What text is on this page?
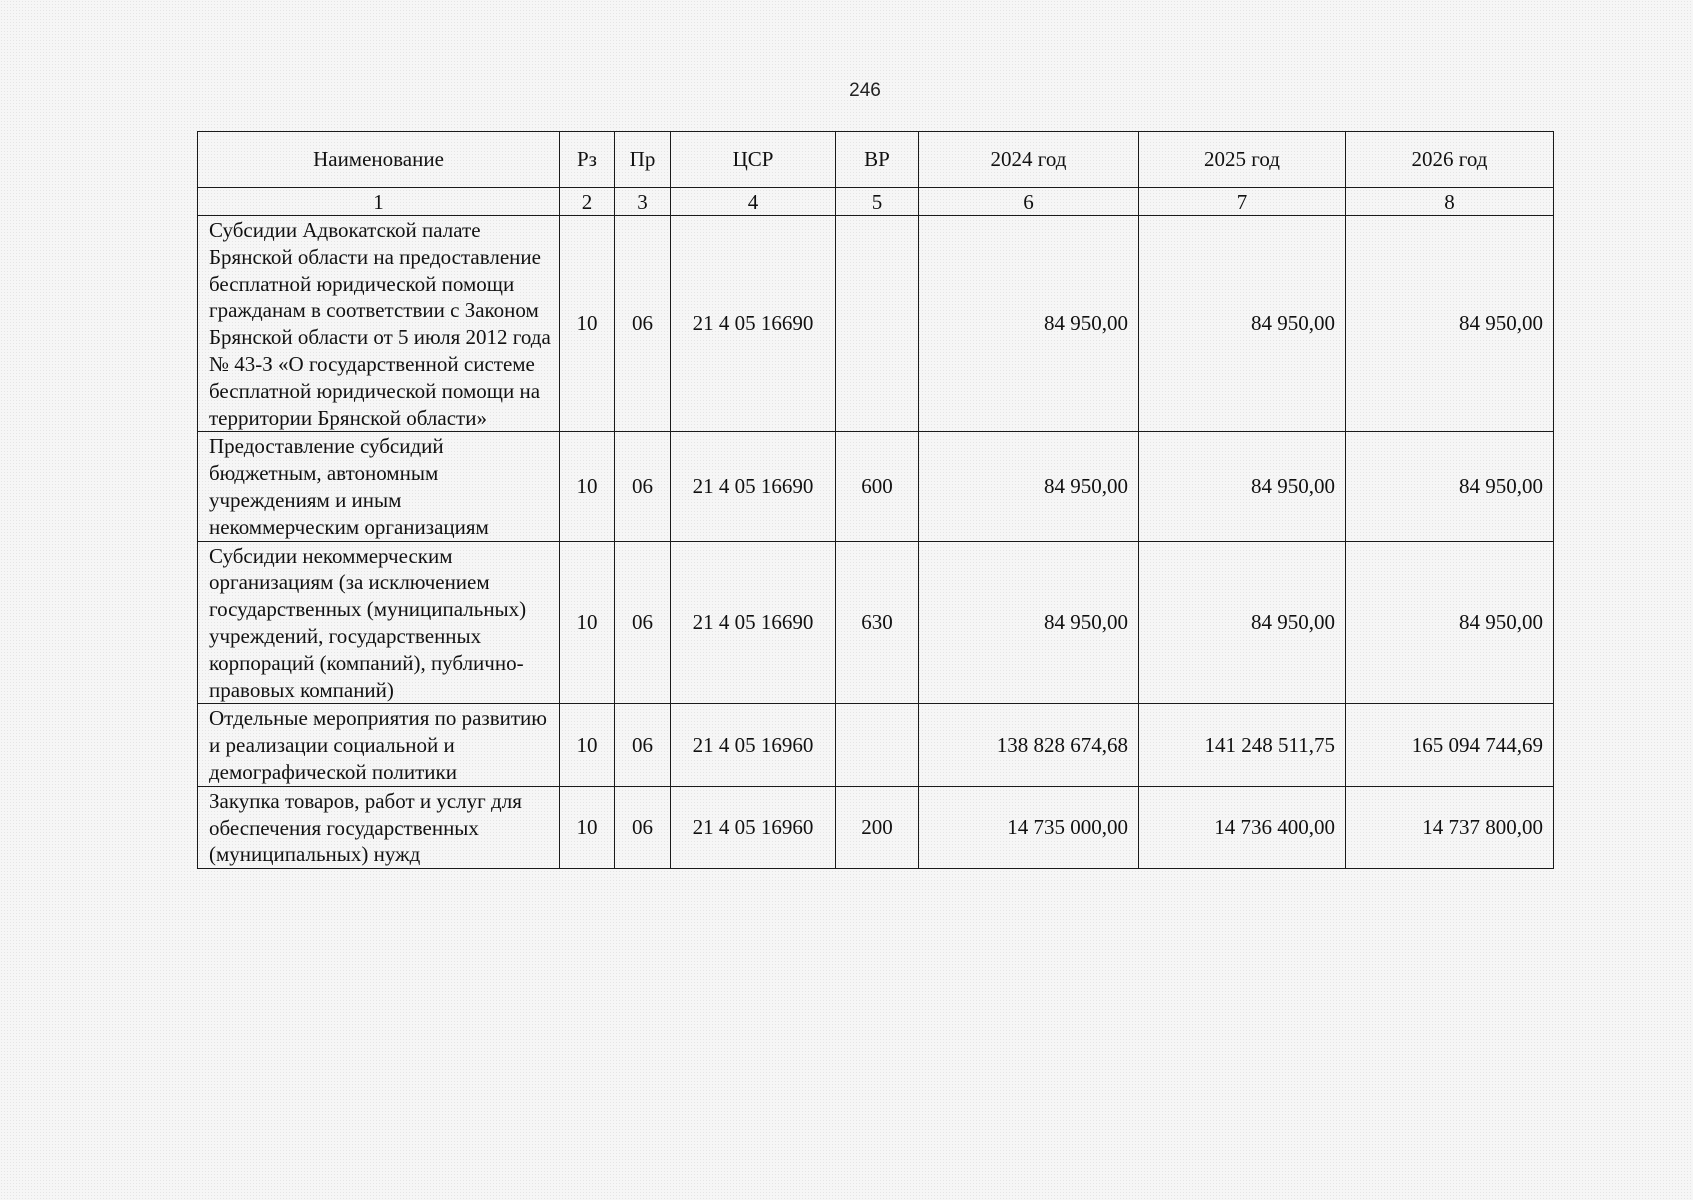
246
Наименование	Рз	Пр	ЦСР	ВР	2024 год	2025 год	2026 год
1	2	3	4	5	6	7	8
Субсидии Адвокатской палате Брянской области на предоставление бесплатной юридической помощи гражданам в соответствии с Законом Брянской области от 5 июля 2012 года № 43-З «О государственной системе бесплатной юридической помощи на территории Брянской области»	10	06	21 4 05 16690		84 950,00	84 950,00	84 950,00
Предоставление субсидий бюджетным, автономным учреждениям и иным некоммерческим организациям	10	06	21 4 05 16690	600	84 950,00	84 950,00	84 950,00
Субсидии некоммерческим организациям (за исключением государственных (муниципальных) учреждений, государственных корпораций (компаний), публично-правовых компаний)	10	06	21 4 05 16690	630	84 950,00	84 950,00	84 950,00
Отдельные мероприятия по развитию и реализации социальной и демографической политики	10	06	21 4 05 16960		138 828 674,68	141 248 511,75	165 094 744,69
Закупка товаров, работ и услуг для обеспечения государственных (муниципальных) нужд	10	06	21 4 05 16960	200	14 735 000,00	14 736 400,00	14 737 800,00
